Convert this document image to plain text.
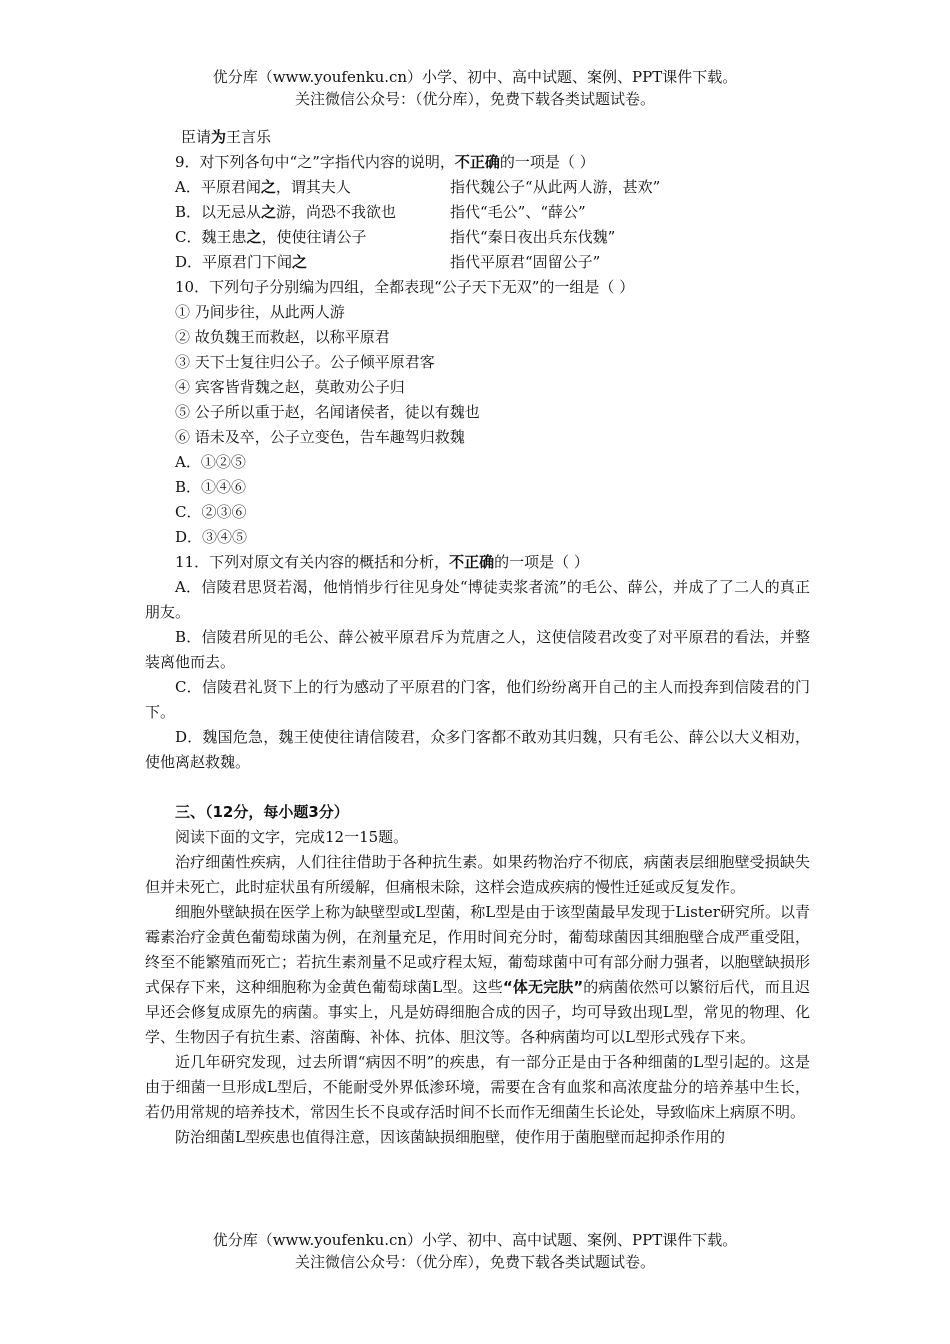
优分库（www.youfenku.cn）小学、初中、高中试题、案例、PPT课件下载。
关注微信公众号：（优分库），免费下载各类试题试卷。

臣请为王言乐

9．对下列各句中“之”字指代内容的说明，不正确的一项是（ ）

A．平原君闻之，谓其夫人	指代魏公子“从此两人游，甚欢”
B．以无忌从之游，尚恐不我欲也	指代“毛公”、“薛公”
C．魏王患之，使使往请公子	指代“秦日夜出兵东伐魏”
D．平原君门下闻之	指代平原君“固留公子”

10．下列句子分别编为四组，全都表现“公子天下无双”的一组是（ ）

① 乃间步往，从此两人游

② 故负魏王而救赵，以称平原君

③ 天下士复往归公子。公子倾平原君客

④ 宾客皆背魏之赵，莫敢劝公子归

⑤ 公子所以重于赵，名闻诸侯者，徒以有魏也

⑥ 语未及卒，公子立变色，告车趣驾归救魏

A．①②⑤

B．①④⑥

C．②③⑥

D．③④⑤

11．下列对原文有关内容的概括和分析，不正确的一项是（ ）

A．信陵君思贤若渴，他悄悄步行往见身处“博徒卖浆者流”的毛公、薛公，并成了了二人的真正朋友。

B．信陵君所见的毛公、薛公被平原君斥为荒唐之人，这使信陵君改变了对平原君的看法，并整装离他而去。

C．信陵君礼贤下上的行为感动了平原君的门客，他们纷纷离开自己的主人而投奔到信陵君的门下。

D．魏国危急，魏王使使往请信陵君，众多门客都不敢劝其归魏，只有毛公、薛公以大义相劝，使他离赵救魏。

三、（12分，每小题3分）

阅读下面的文字，完成12一15题。

治疗细菌性疾病，人们往往借助于各种抗生素。如果药物治疗不彻底，病菌表层细胞壁受损缺失但并未死亡，此时症状虽有所缓解，但痛根未除，这样会造成疾病的慢性迁延或反复发作。

细胞外壁缺损在医学上称为缺壁型或L型菌，称L型是由于该型菌最早发现于Lister研究所。以青霉素治疗金黄色葡萄球菌为例，在剂量充足，作用时间充分时，葡萄球菌因其细胞壁合成严重受阻，终至不能繁殖而死亡；若抗生素剂量不足或疗程太短，葡萄球菌中可有部分耐力强者，以胞壁缺损形式保存下来，这种细胞称为金黄色葡萄球菌L型。这些“体无完肤”的病菌依然可以繁衍后代，而且迟早还会修复成原先的病菌。事实上，凡是妨碍细胞合成的因子，均可导致出现L型，常见的物理、化学、生物因子有抗生素、溶菌酶、补体、抗体、胆汶等。各种病菌均可以L型形式残存下来。

近几年研究发现，过去所谓“病因不明”的疾患，有一部分正是由于各种细菌的L型引起的。这是由于细菌一旦形成L型后，不能耐受外界低渗环境，需要在含有血浆和高浓度盐分的培养基中生长，若仍用常规的培养技术，常因生长不良或存活时间不长而作无细菌生长论处，导致临床上病原不明。

防治细菌L型疾患也值得注意，因该菌缺损细胞壁，使作用于菌胞壁而起抑杀作用的

优分库（www.youfenku.cn）小学、初中、高中试题、案例、PPT课件下载。
关注微信公众号：（优分库），免费下载各类试题试卷。
